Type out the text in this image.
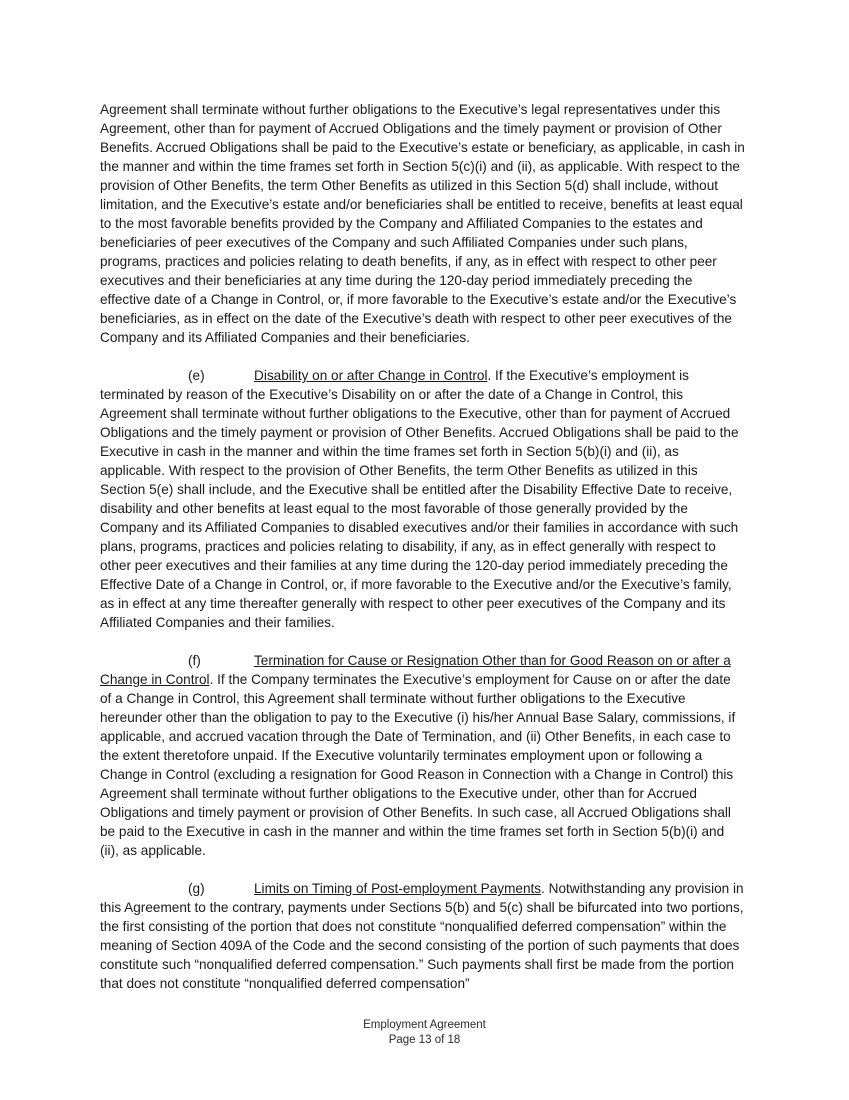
Agreement shall terminate without further obligations to the Executive’s legal representatives under this Agreement, other than for payment of Accrued Obligations and the timely payment or provision of Other Benefits. Accrued Obligations shall be paid to the Executive’s estate or beneficiary, as applicable, in cash in the manner and within the time frames set forth in Section 5(c)(i) and (ii), as applicable. With respect to the provision of Other Benefits, the term Other Benefits as utilized in this Section 5(d) shall include, without limitation, and the Executive’s estate and/or beneficiaries shall be entitled to receive, benefits at least equal to the most favorable benefits provided by the Company and Affiliated Companies to the estates and beneficiaries of peer executives of the Company and such Affiliated Companies under such plans, programs, practices and policies relating to death benefits, if any, as in effect with respect to other peer executives and their beneficiaries at any time during the 120-day period immediately preceding the effective date of a Change in Control, or, if more favorable to the Executive’s estate and/or the Executive’s beneficiaries, as in effect on the date of the Executive’s death with respect to other peer executives of the Company and its Affiliated Companies and their beneficiaries.

(e)	Disability on or after Change in Control. If the Executive’s employment is terminated by reason of the Executive’s Disability on or after the date of a Change in Control, this Agreement shall terminate without further obligations to the Executive, other than for payment of Accrued Obligations and the timely payment or provision of Other Benefits. Accrued Obligations shall be paid to the Executive in cash in the manner and within the time frames set forth in Section 5(b)(i) and (ii), as applicable. With respect to the provision of Other Benefits, the term Other Benefits as utilized in this Section 5(e) shall include, and the Executive shall be entitled after the Disability Effective Date to receive, disability and other benefits at least equal to the most favorable of those generally provided by the Company and its Affiliated Companies to disabled executives and/or their families in accordance with such plans, programs, practices and policies relating to disability, if any, as in effect generally with respect to other peer executives and their families at any time during the 120-day period immediately preceding the Effective Date of a Change in Control, or, if more favorable to the Executive and/or the Executive’s family, as in effect at any time thereafter generally with respect to other peer executives of the Company and its Affiliated Companies and their families.

(f)	Termination for Cause or Resignation Other than for Good Reason on or after a Change in Control. If the Company terminates the Executive’s employment for Cause on or after the date of a Change in Control, this Agreement shall terminate without further obligations to the Executive hereunder other than the obligation to pay to the Executive (i) his/her Annual Base Salary, commissions, if applicable, and accrued vacation through the Date of Termination, and (ii) Other Benefits, in each case to the extent theretofore unpaid. If the Executive voluntarily terminates employment upon or following a Change in Control (excluding a resignation for Good Reason in Connection with a Change in Control) this Agreement shall terminate without further obligations to the Executive under, other than for Accrued Obligations and timely payment or provision of Other Benefits. In such case, all Accrued Obligations shall be paid to the Executive in cash in the manner and within the time frames set forth in Section 5(b)(i) and (ii), as applicable.

(g)	Limits on Timing of Post-employment Payments. Notwithstanding any provision in this Agreement to the contrary, payments under Sections 5(b) and 5(c) shall be bifurcated into two portions, the first consisting of the portion that does not constitute “nonqualified deferred compensation” within the meaning of Section 409A of the Code and the second consisting of the portion of such payments that does constitute such “nonqualified deferred compensation.” Such payments shall first be made from the portion that does not constitute “nonqualified deferred compensation”

Employment Agreement
Page 13 of 18
